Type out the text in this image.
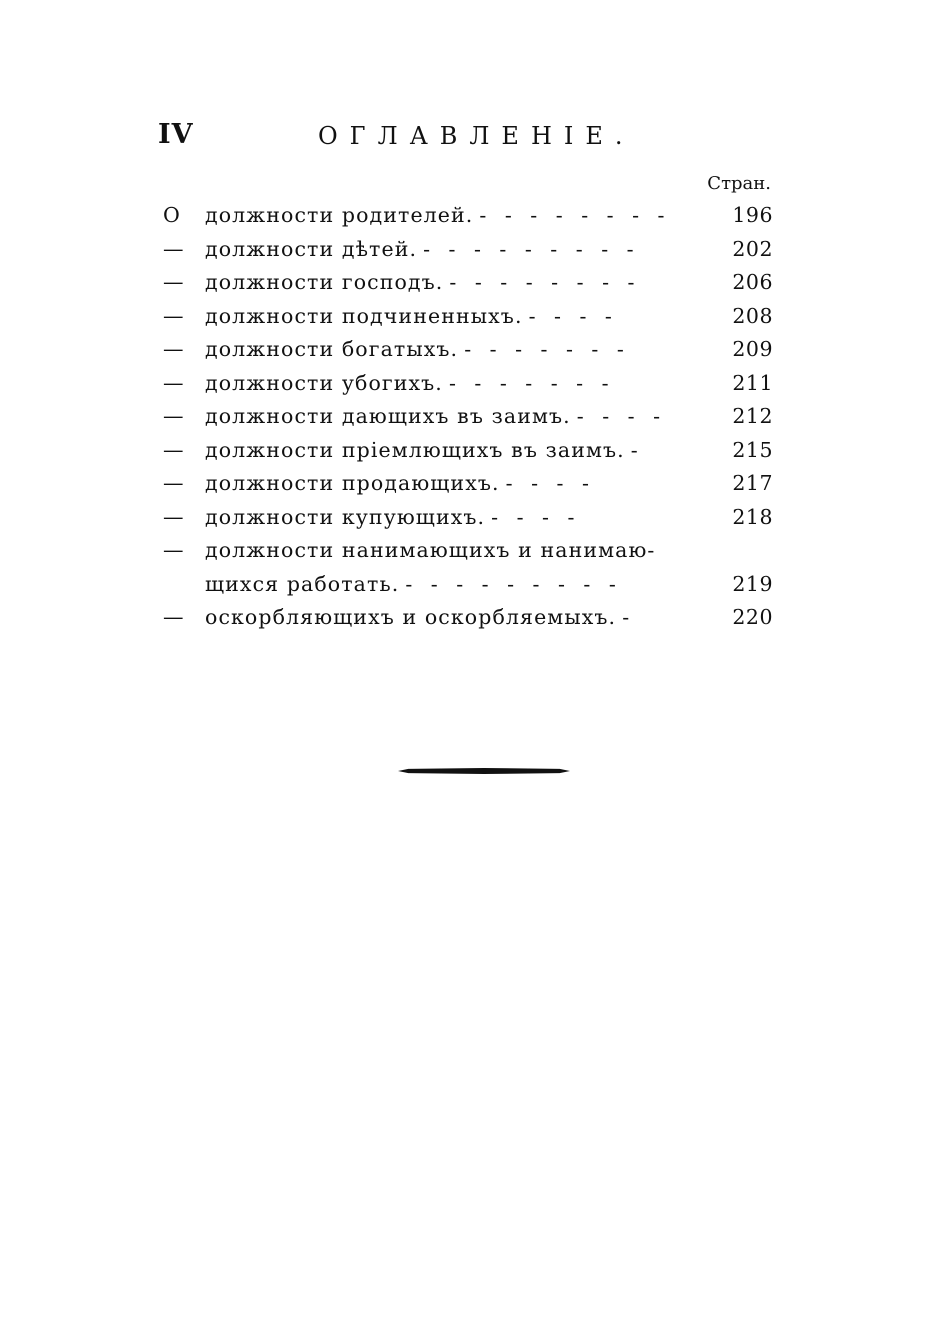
IV	ОГЛАВЛЕНIЕ.
Стран.
О	должности родителей. - - - - - - - -	196
— должности дѣтей. - - - - - - - - -	202
— должности господъ. - - - - - - - -	206
— должности подчиненныхъ. - - - -	208
— должности богатыхъ. - - - - - - -	209
— должности убогихъ. - - - - - - -	211
— должности дающихъ въ заимъ. - - - -	212
— должности прiемлющихъ въ заимъ. -	215
— должности продающихъ. - - - -	217
— должности купующихъ. - - - -	218
— должности нанимающихъ и нанимаю-
щихся работать. - - - - - - - - -	219
— оскорбляющихъ и оскорбляемыхъ. -	220
